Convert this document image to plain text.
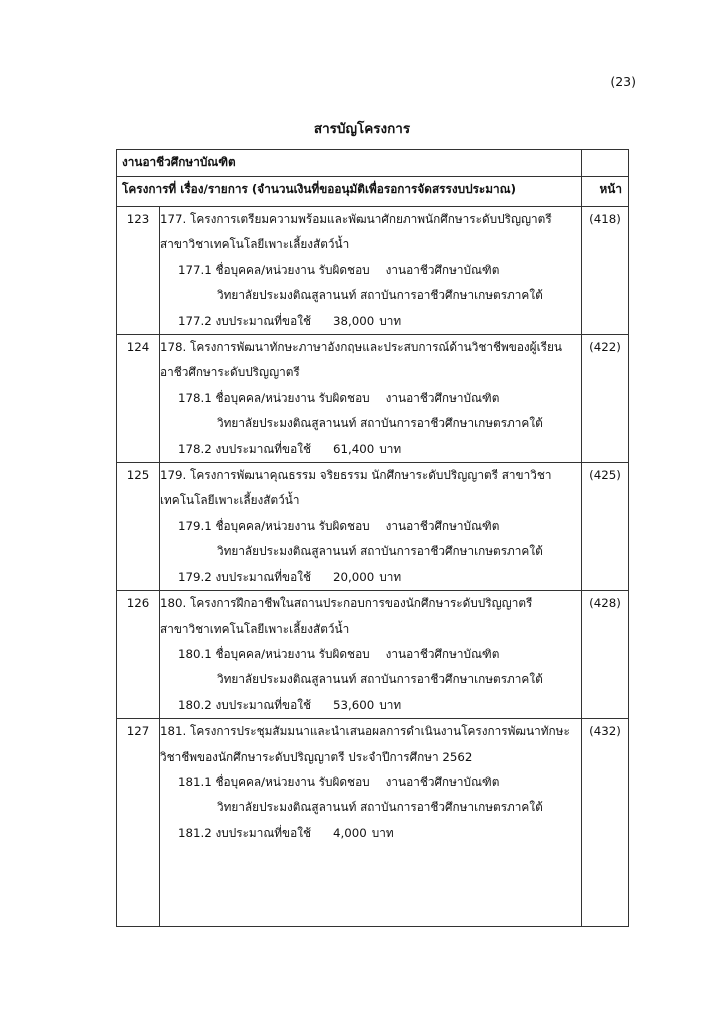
(23)
สารบัญโครงการ
งานอาชีวศึกษาบัณฑิต		
โครงการที่ เรื่อง/รายการ (จำนวนเงินที่ขออนุมัติเพื่อรอการจัดสรรงบประมาณ)		หน้า
123	177. โครงการเตรียมความพร้อมและพัฒนาศักยภาพนักศึกษาระดับปริญญาตรี
สาขาวิชาเทคโนโลยีเพาะเลี้ยงสัตว์น้ำ
177.1 ชื่อบุคคล/หน่วยงาน รับผิดชอบ งานอาชีวศึกษาบัณฑิต
วิทยาลัยประมงติณสูลานนท์ สถาบันการอาชีวศึกษาเกษตรภาคใต้
177.2 งบประมาณที่ขอใช้ 38,000 บาท	(418)
124	178. โครงการพัฒนาทักษะภาษาอังกฤษและประสบการณ์ด้านวิชาชีพของผู้เรียน
อาชีวศึกษาระดับปริญญาตรี
178.1 ชื่อบุคคล/หน่วยงาน รับผิดชอบ งานอาชีวศึกษาบัณฑิต
วิทยาลัยประมงติณสูลานนท์ สถาบันการอาชีวศึกษาเกษตรภาคใต้
178.2 งบประมาณที่ขอใช้ 61,400 บาท	(422)
125	179. โครงการพัฒนาคุณธรรม จริยธรรม นักศึกษาระดับปริญญาตรี สาขาวิชา
เทคโนโลยีเพาะเลี้ยงสัตว์น้ำ
179.1 ชื่อบุคคล/หน่วยงาน รับผิดชอบ งานอาชีวศึกษาบัณฑิต
วิทยาลัยประมงติณสูลานนท์ สถาบันการอาชีวศึกษาเกษตรภาคใต้
179.2 งบประมาณที่ขอใช้ 20,000 บาท	(425)
126	180. โครงการฝึกอาชีพในสถานประกอบการของนักศึกษาระดับปริญญาตรี
สาขาวิชาเทคโนโลยีเพาะเลี้ยงสัตว์น้ำ
180.1 ชื่อบุคคล/หน่วยงาน รับผิดชอบ งานอาชีวศึกษาบัณฑิต
วิทยาลัยประมงติณสูลานนท์ สถาบันการอาชีวศึกษาเกษตรภาคใต้
180.2 งบประมาณที่ขอใช้ 53,600 บาท	(428)
127	181. โครงการประชุมสัมมนาและนำเสนอผลการดำเนินงานโครงการพัฒนาทักษะ
วิชาชีพของนักศึกษาระดับปริญญาตรี ประจำปีการศึกษา 2562
181.1 ชื่อบุคคล/หน่วยงาน รับผิดชอบ งานอาชีวศึกษาบัณฑิต
วิทยาลัยประมงติณสูลานนท์ สถาบันการอาชีวศึกษาเกษตรภาคใต้
181.2 งบประมาณที่ขอใช้ 4,000 บาท	(432)
